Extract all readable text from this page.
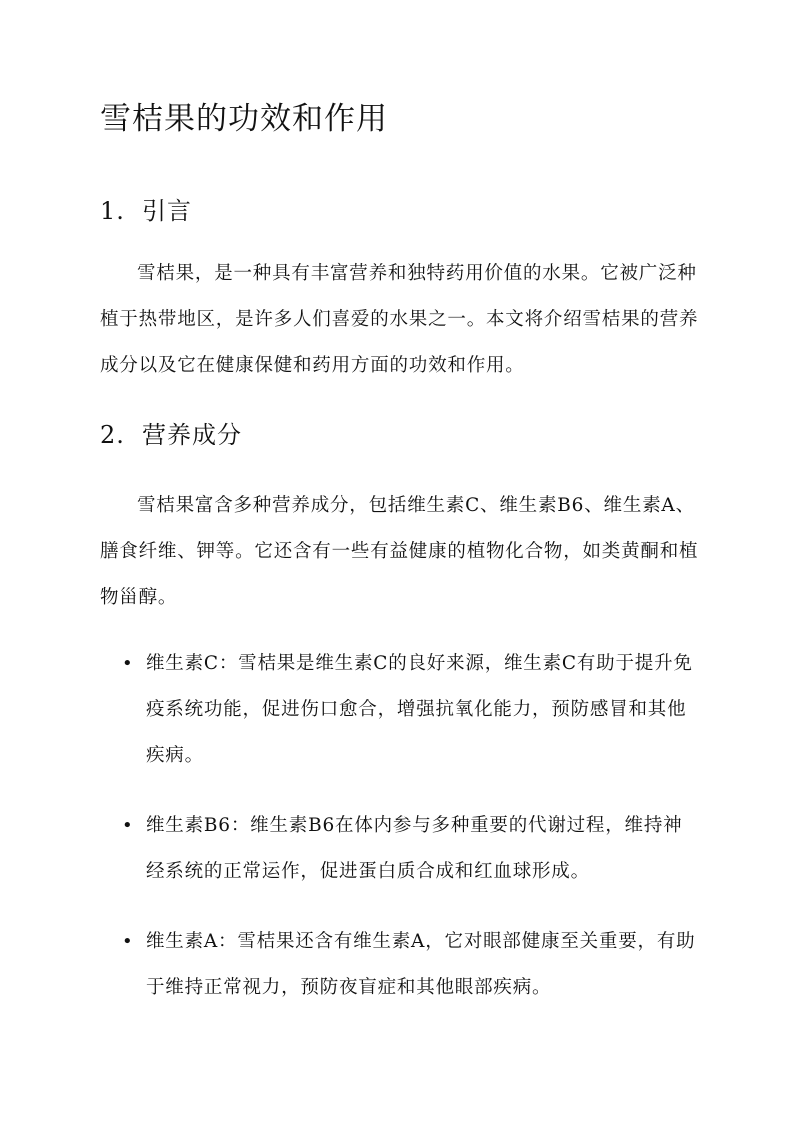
雪桔果的功效和作用
1. 引言

雪桔果，是一种具有丰富营养和独特药用价值的水果。它被广泛种植于热带地区，是许多人们喜爱的水果之一。本文将介绍雪桔果的营养成分以及它在健康保健和药用方面的功效和作用。

2. 营养成分

雪桔果富含多种营养成分，包括维生素C、维生素B6、维生素A、膳食纤维、钾等。它还含有一些有益健康的植物化合物，如类黄酮和植物甾醇。

• 维生素C：雪桔果是维生素C的良好来源，维生素C有助于提升免疫系统功能，促进伤口愈合，增强抗氧化能力，预防感冒和其他疾病。

• 维生素B6：维生素B6在体内参与多种重要的代谢过程，维持神经系统的正常运作，促进蛋白质合成和红血球形成。

• 维生素A：雪桔果还含有维生素A，它对眼部健康至关重要，有助于维持正常视力，预防夜盲症和其他眼部疾病。
